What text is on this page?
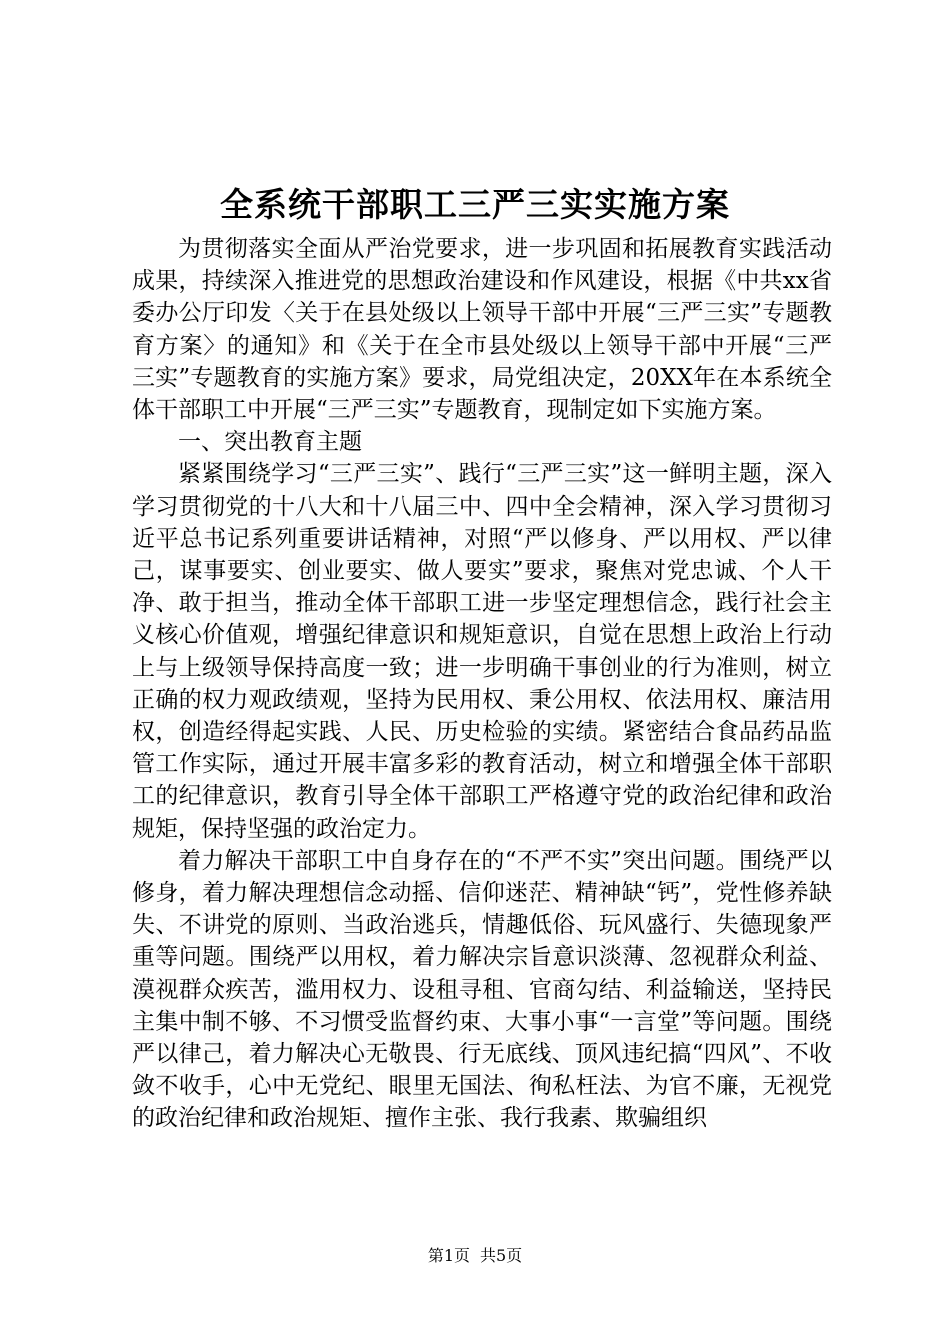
全系统干部职工三严三实实施方案

为贯彻落实全面从严治党要求，进一步巩固和拓展教育实践活动成果，持续深入推进党的思想政治建设和作风建设，根据《中共xx省委办公厅印发〈关于在县处级以上领导干部中开展“三严三实”专题教育方案〉的通知》和《关于在全市县处级以上领导干部中开展“三严三实”专题教育的实施方案》要求，局党组决定，20XX年在本系统全体干部职工中开展“三严三实”专题教育，现制定如下实施方案。

一、突出教育主题

紧紧围绕学习“三严三实”、践行“三严三实”这一鲜明主题，深入学习贯彻党的十八大和十八届三中、四中全会精神，深入学习贯彻习近平总书记系列重要讲话精神，对照“严以修身、严以用权、严以律己，谋事要实、创业要实、做人要实”要求，聚焦对党忠诚、个人干净、敢于担当，推动全体干部职工进一步坚定理想信念，践行社会主义核心价值观，增强纪律意识和规矩意识，自觉在思想上政治上行动上与上级领导保持高度一致；进一步明确干事创业的行为准则，树立正确的权力观政绩观，坚持为民用权、秉公用权、依法用权、廉洁用权，创造经得起实践、人民、历史检验的实绩。紧密结合食品药品监管工作实际，通过开展丰富多彩的教育活动，树立和增强全体干部职工的纪律意识，教育引导全体干部职工严格遵守党的政治纪律和政治规矩，保持坚强的政治定力。

着力解决干部职工中自身存在的“不严不实”突出问题。围绕严以修身，着力解决理想信念动摇、信仰迷茫、精神缺“钙”，党性修养缺失、不讲党的原则、当政治逃兵，情趣低俗、玩风盛行、失德现象严重等问题。围绕严以用权，着力解决宗旨意识淡薄、忽视群众利益、漠视群众疾苦，滥用权力、设租寻租、官商勾结、利益输送，坚持民主集中制不够、不习惯受监督约束、大事小事“一言堂”等问题。围绕严以律己，着力解决心无敬畏、行无底线、顶风违纪搞“四风”、不收敛不收手，心中无党纪、眼里无国法、徇私枉法、为官不廉，无视党的政治纪律和政治规矩、擅作主张、我行我素、欺骗组织

第1页 共5页
